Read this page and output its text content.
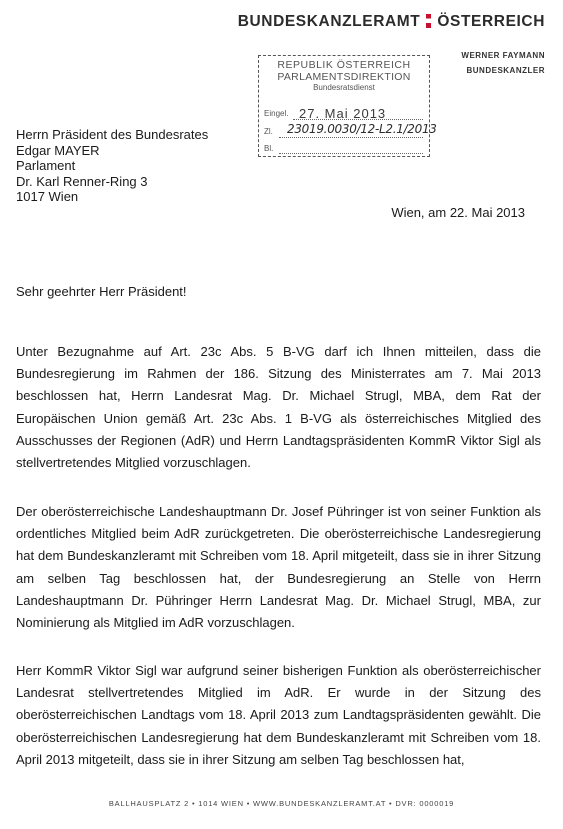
BUNDESKANZLERAMT ÖSTERREICH
WERNER FAYMANN
BUNDESKANZLER
REPUBLIK ÖSTERREICH
PARLAMENTSDIREKTION
Bundesratsdienst
Eingel. 27. Mai 2013
Zl. 23019.0030/12-L2.1/2013
Bl.
Herrn Präsident des Bundesrates
Edgar MAYER
Parlament
Dr. Karl Renner-Ring 3
1017 Wien
Wien, am 22. Mai 2013
Sehr geehrter Herr Präsident!
Unter Bezugnahme auf Art. 23c Abs. 5 B-VG darf ich Ihnen mitteilen, dass die Bundesregierung im Rahmen der 186. Sitzung des Ministerrates am 7. Mai 2013 beschlossen hat, Herrn Landesrat Mag. Dr. Michael Strugl, MBA, dem Rat der Europäischen Union gemäß Art. 23c Abs. 1 B-VG als österreichisches Mitglied des Ausschusses der Regionen (AdR) und Herrn Landtagspräsidenten KommR Viktor Sigl als stellvertretendes Mitglied vorzuschlagen.
Der oberösterreichische Landeshauptmann Dr. Josef Pühringer ist von seiner Funktion als ordentliches Mitglied beim AdR zurückgetreten. Die oberösterreichische Landesregierung hat dem Bundeskanzleramt mit Schreiben vom 18. April mitgeteilt, dass sie in ihrer Sitzung am selben Tag beschlossen hat, der Bundesregierung an Stelle von Herrn Landeshauptmann Dr. Pühringer Herrn Landesrat Mag. Dr. Michael Strugl, MBA, zur Nominierung als Mitglied im AdR vorzuschlagen.
Herr KommR Viktor Sigl war aufgrund seiner bisherigen Funktion als oberösterreichischer Landesrat stellvertretendes Mitglied im AdR. Er wurde in der Sitzung des oberösterreichischen Landtags vom 18. April 2013 zum Landtagspräsidenten gewählt. Die oberösterreichischen Landesregierung hat dem Bundeskanzleramt mit Schreiben vom 18. April 2013 mitgeteilt, dass sie in ihrer Sitzung am selben Tag beschlossen hat,
BALLHAUSPLATZ 2 • 1014 WIEN • WWW.BUNDESKANZLERAMT.AT • DVR: 0000019
